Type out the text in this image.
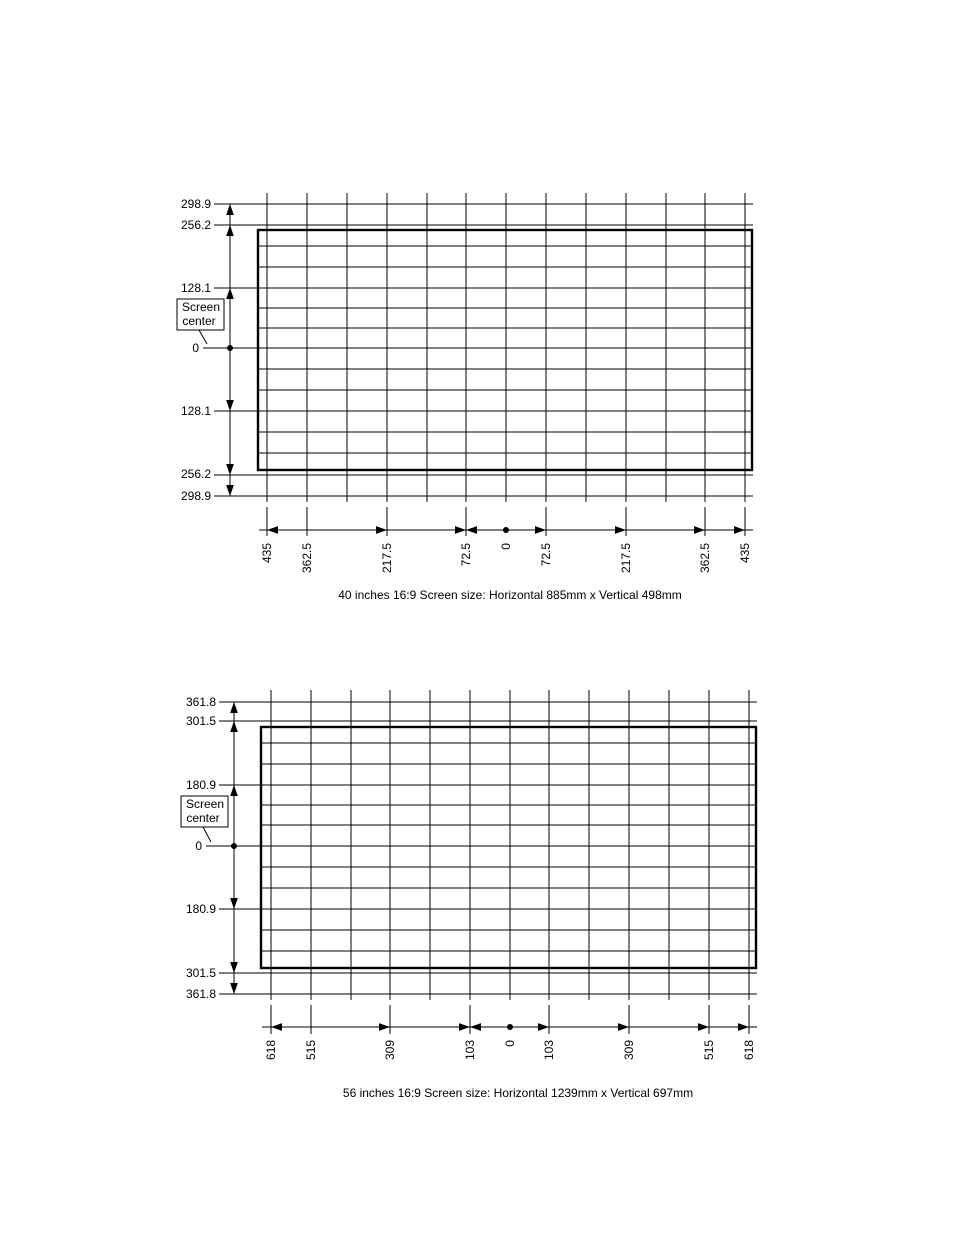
Screen
center
298.9
256.2
128.1
0
128.1
256.2
298.9
435 362.5	217.5	72.5 0 72.5	217.5	362.5 435
40 inches 16:9 Screen size: Horizontal 885mm x Vertical 498mm
Screen
center
361.8
301.5
180.9
0
180.9
301.5
361.8
618 515	309	103 0 103	309	515 618
56 inches 16:9 Screen size: Horizontal 1239mm x Vertical 697mm
